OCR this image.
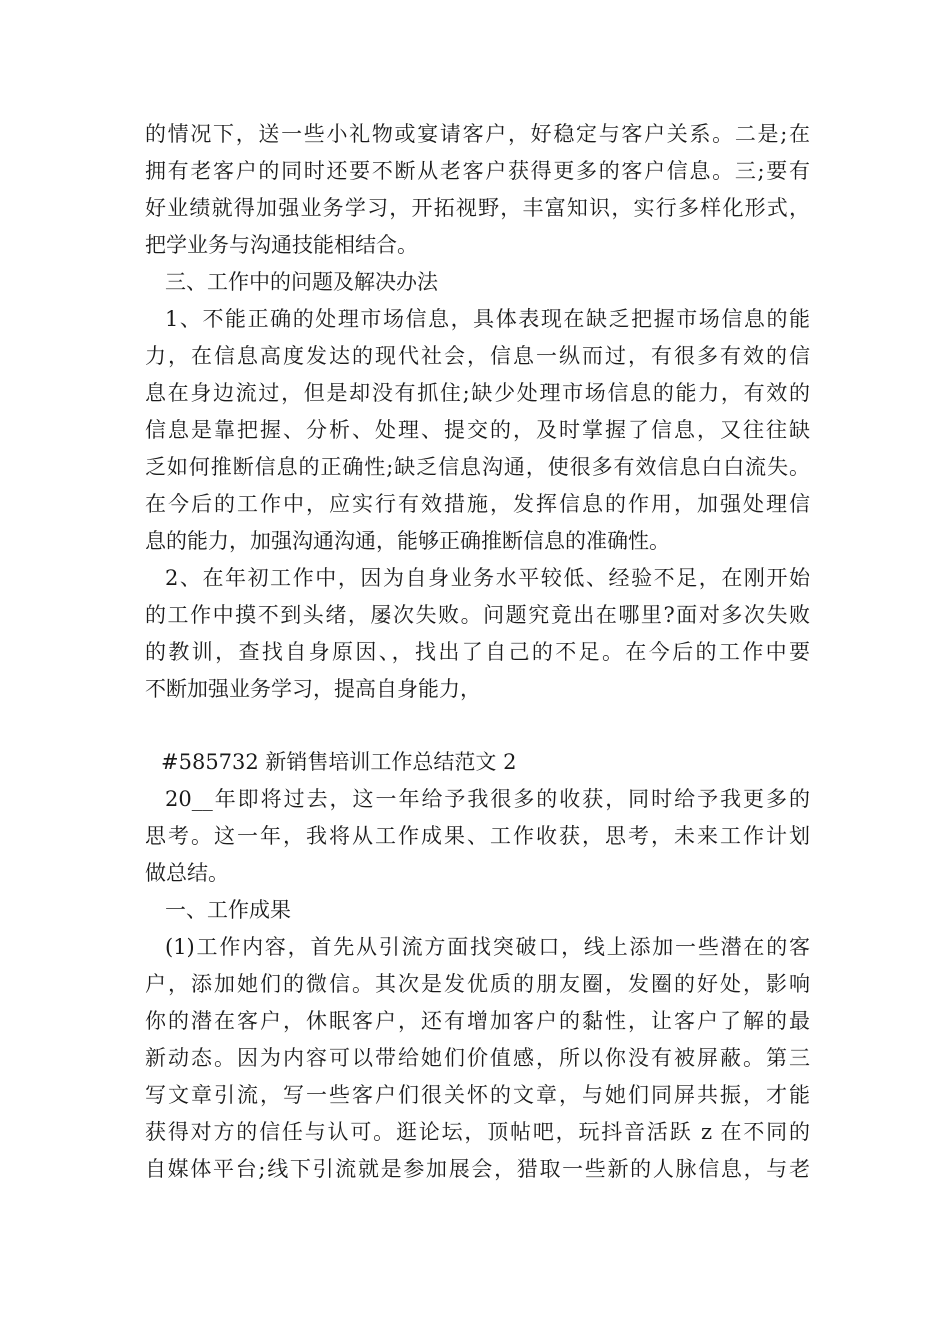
的情况下，送一些小礼物或宴请客户，好稳定与客户关系。二是;在
拥有老客户的同时还要不断从老客户获得更多的客户信息。三;要有
好业绩就得加强业务学习，开拓视野，丰富知识，实行多样化形式，
把学业务与沟通技能相结合。
三、工作中的问题及解决办法
1、不能正确的处理市场信息，具体表现在缺乏把握市场信息的能
力，在信息高度发达的现代社会，信息一纵而过，有很多有效的信
息在身边流过，但是却没有抓住;缺少处理市场信息的能力，有效的
信息是靠把握、分析、处理、提交的，及时掌握了信息，又往往缺
乏如何推断信息的正确性;缺乏信息沟通，使很多有效信息白白流失。
在今后的工作中，应实行有效措施，发挥信息的作用，加强处理信
息的能力，加强沟通沟通，能够正确推断信息的准确性。
2、在年初工作中，因为自身业务水平较低、经验不足，在刚开始
的工作中摸不到头绪，屡次失败。问题究竟出在哪里?面对多次失败
的教训，查找自身原因、，找出了自己的不足。在今后的工作中要
不断加强业务学习，提高自身能力，
#585732 新销售培训工作总结范文 2
20__年即将过去，这一年给予我很多的收获，同时给予我更多的
思考。这一年，我将从工作成果、工作收获，思考，未来工作计划
做总结。
一、工作成果
(1)工作内容，首先从引流方面找突破口，线上添加一些潜在的客
户，添加她们的微信。其次是发优质的朋友圈，发圈的好处，影响
你的潜在客户，休眠客户，还有增加客户的黏性，让客户了解的最
新动态。因为内容可以带给她们价值感，所以你没有被屏蔽。第三
写文章引流，写一些客户们很关怀的文章，与她们同屏共振，才能
获得对方的信任与认可。逛论坛，顶帖吧，玩抖音活跃 z 在不同的
自媒体平台;线下引流就是参加展会，猎取一些新的人脉信息，与老
